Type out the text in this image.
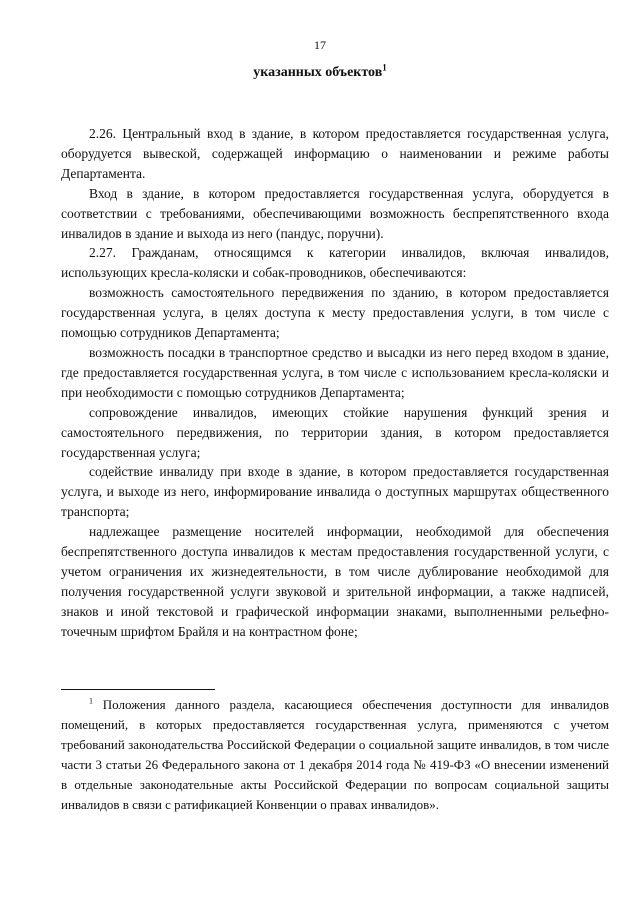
17
указанных объектов$^1$

2.26. Центральный вход в здание, в котором предоставляется государственная услуга, оборудуется вывеской, содержащей информацию о наименовании и режиме работы Департамента.

Вход в здание, в котором предоставляется государственная услуга, оборудуется в соответствии с требованиями, обеспечивающими возможность беспрепятственного входа инвалидов в здание и выхода из него (пандус, поручни).

2.27. Гражданам, относящимся к категории инвалидов, включая инвалидов, использующих кресла-коляски и собак-проводников, обеспечиваются:

возможность самостоятельного передвижения по зданию, в котором предоставляется государственная услуга, в целях доступа к месту предоставления услуги, в том числе с помощью сотрудников Департамента;

возможность посадки в транспортное средство и высадки из него перед входом в здание, где предоставляется государственная услуга, в том числе с использованием кресла-коляски и при необходимости с помощью сотрудников Департамента;

сопровождение инвалидов, имеющих стойкие нарушения функций зрения и самостоятельного передвижения, по территории здания, в котором предоставляется государственная услуга;

содействие инвалиду при входе в здание, в котором предоставляется государственная услуга, и выходе из него, информирование инвалида о доступных маршрутах общественного транспорта;

надлежащее размещение носителей информации, необходимой для обеспечения беспрепятственного доступа инвалидов к местам предоставления государственной услуги, с учетом ограничения их жизнедеятельности, в том числе дублирование необходимой для получения государственной услуги звуковой и зрительной информации, а также надписей, знаков и иной текстовой и графической информации знаками, выполненными рельефно-точечным шрифтом Брайля и на контрастном фоне;

$^1$ Положения данного раздела, касающиеся обеспечения доступности для инвалидов помещений, в которых предоставляется государственная услуга, применяются с учетом требований законодательства Российской Федерации о социальной защите инвалидов, в том числе части 3 статьи 26 Федерального закона от 1 декабря 2014 года № 419-ФЗ «О внесении изменений в отдельные законодательные акты Российской Федерации по вопросам социальной защиты инвалидов в связи с ратификацией Конвенции о правах инвалидов».
